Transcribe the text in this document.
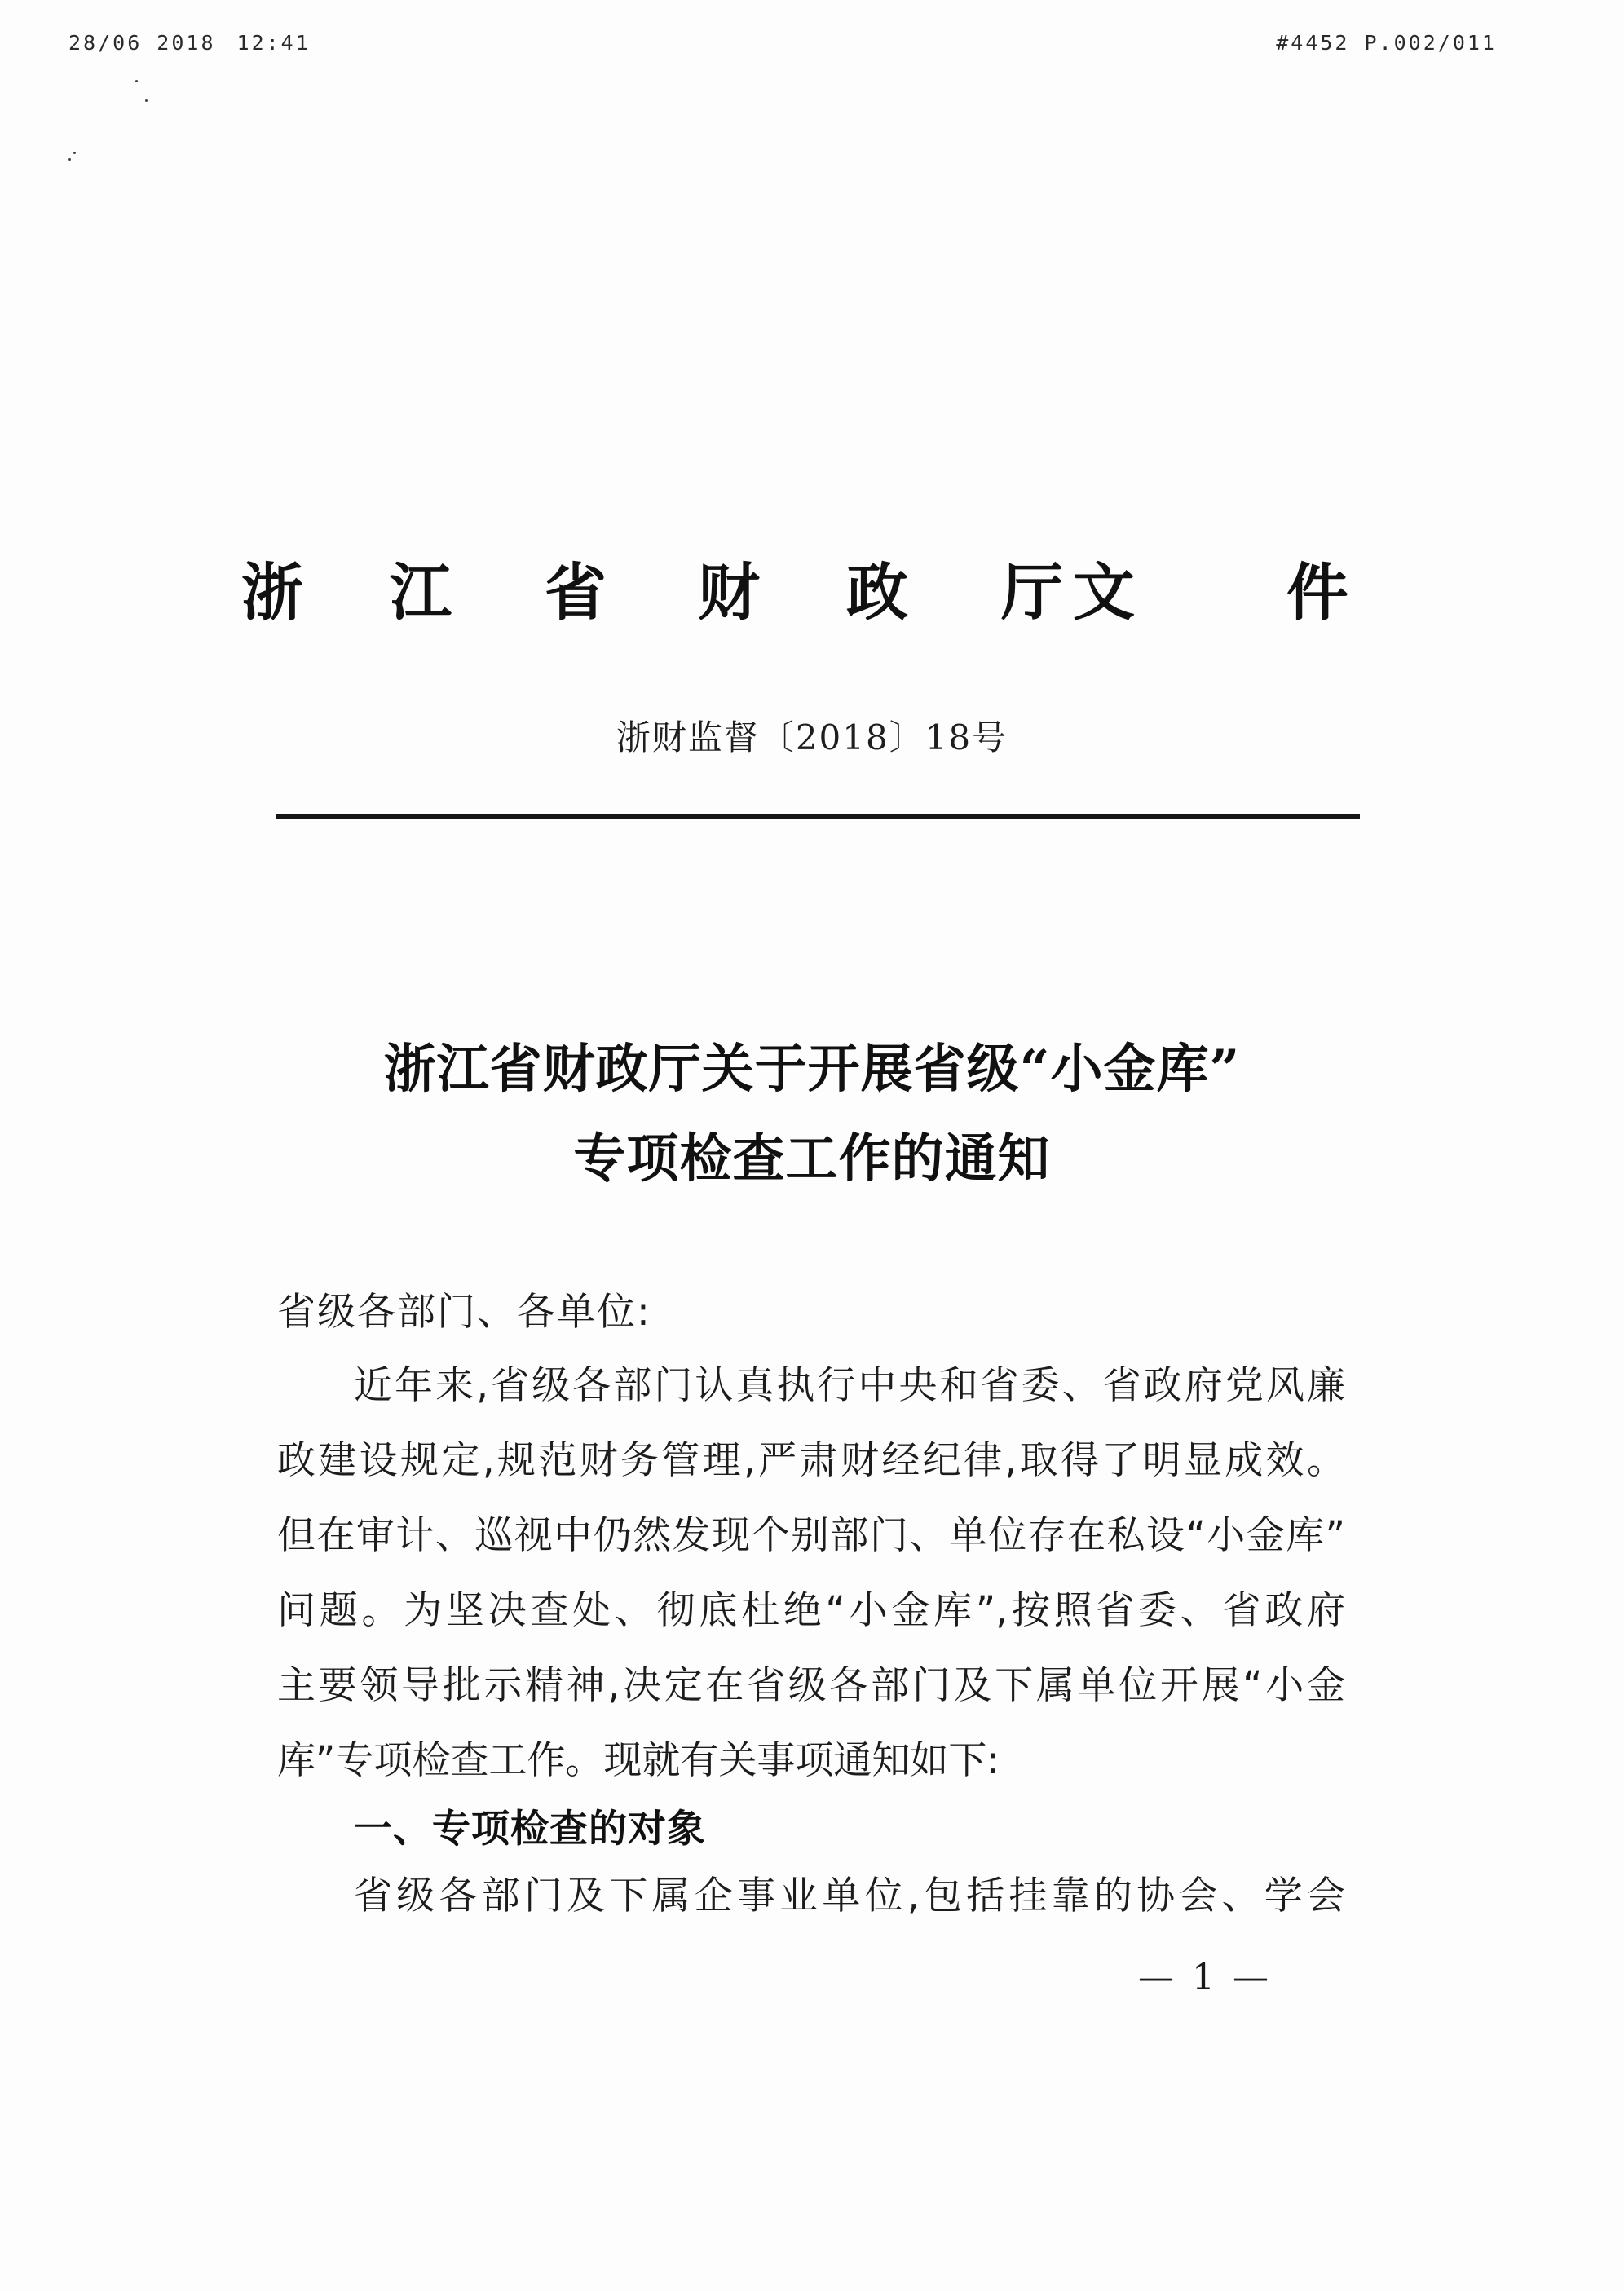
28/06 2018 12:41	#4452 P.002/011
浙 江 省 财 政 厅 文 件
浙财监督〔2018〕18号
浙江省财政厅关于开展省级“小金库”
专项检查工作的通知
省级各部门、各单位:
近年来,省级各部门认真执行中央和省委、省政府党风廉
政建设规定,规范财务管理,严肃财经纪律,取得了明显成效。
但在审计、巡视中仍然发现个别部门、单位存在私设“小金库”
问题。为坚决查处、彻底杜绝“小金库”,按照省委、省政府
主要领导批示精神,决定在省级各部门及下属单位开展“小金
库”专项检查工作。现就有关事项通知如下:
一、专项检查的对象
省级各部门及下属企事业单位,包括挂靠的协会、学会
— 1 —
